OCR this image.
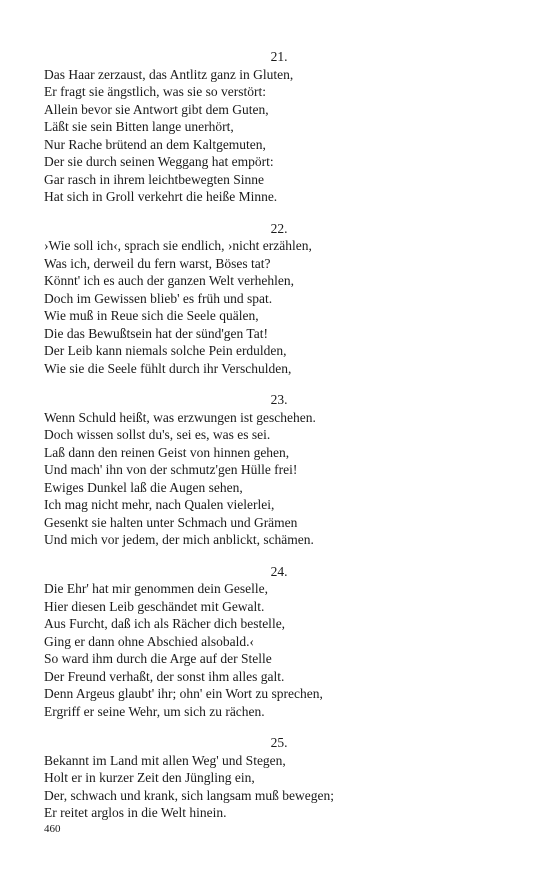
21.

Das Haar zerzaust, das Antlitz ganz in Gluten,

Er fragt sie ängstlich, was sie so verstört:

Allein bevor sie Antwort gibt dem Guten,

Läßt sie sein Bitten lange unerhört,

Nur Rache brütend an dem Kaltgemuten,

Der sie durch seinen Weggang hat empört:

Gar rasch in ihrem leichtbewegten Sinne

Hat sich in Groll verkehrt die heiße Minne.

22.

›Wie soll ich‹, sprach sie endlich, ›nicht erzählen,

Was ich, derweil du fern warst, Böses tat?

Könnt' ich es auch der ganzen Welt verhehlen,

Doch im Gewissen blieb' es früh und spat.

Wie muß in Reue sich die Seele quälen,

Die das Bewußtsein hat der sünd'gen Tat!

Der Leib kann niemals solche Pein erdulden,

Wie sie die Seele fühlt durch ihr Verschulden,

23.

Wenn Schuld heißt, was erzwungen ist geschehen.

Doch wissen sollst du's, sei es, was es sei.

Laß dann den reinen Geist von hinnen gehen,

Und mach' ihn von der schmutz'gen Hülle frei!

Ewiges Dunkel laß die Augen sehen,

Ich mag nicht mehr, nach Qualen vielerlei,

Gesenkt sie halten unter Schmach und Grämen

Und mich vor jedem, der mich anblickt, schämen.

24.

Die Ehr' hat mir genommen dein Geselle,

Hier diesen Leib geschändet mit Gewalt.

Aus Furcht, daß ich als Rächer dich bestelle,

Ging er dann ohne Abschied alsobald.‹

So ward ihm durch die Arge auf der Stelle

Der Freund verhaßt, der sonst ihm alles galt.

Denn Argeus glaubt' ihr; ohn' ein Wort zu sprechen,

Ergriff er seine Wehr, um sich zu rächen.

25.

Bekannt im Land mit allen Weg' und Stegen,

Holt er in kurzer Zeit den Jüngling ein,

Der, schwach und krank, sich langsam muß bewegen;

Er reitet arglos in die Welt hinein.

460
